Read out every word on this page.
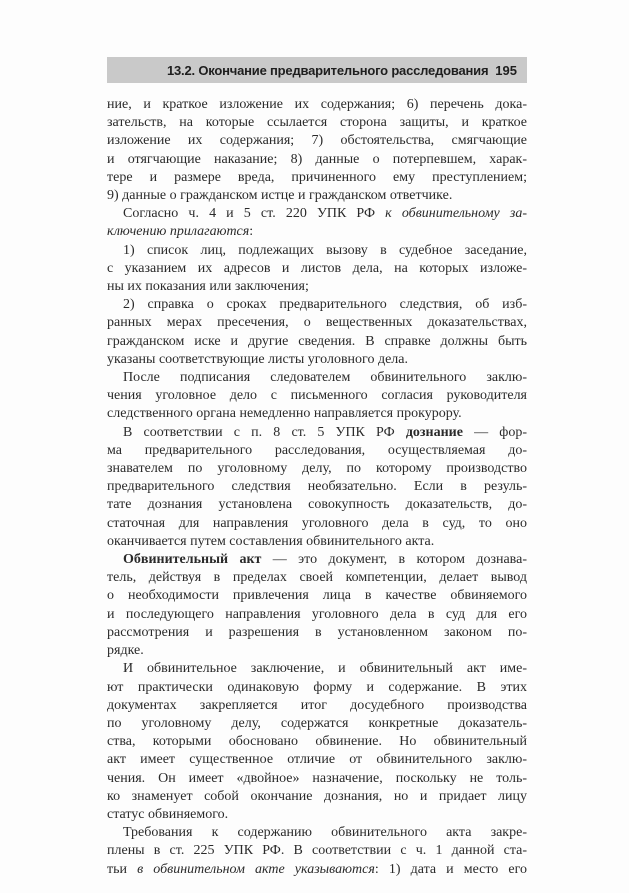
13.2. Окончание предварительного расследования 195

ние, и краткое изложение их содержания; 6) перечень дока-

зательств, на которые ссылается сторона защиты, и краткое

изложение их содержания; 7) обстоятельства, смягчающие

и отягчающие наказание; 8) данные о потерпевшем, харак-

тере и размере вреда, причиненного ему преступлением;

9) данные о гражданском истце и гражданском ответчике.

Согласно ч. 4 и 5 ст. 220 УПК РФ к обвинительному за-

ключению прилагаются:

1) список лиц, подлежащих вызову в судебное заседание,

с указанием их адресов и листов дела, на которых изложе-

ны их показания или заключения;

2) справка о сроках предварительного следствия, об изб-

ранных мерах пресечения, о вещественных доказательствах,

гражданском иске и другие сведения. В справке должны быть

указаны соответствующие листы уголовного дела.

После подписания следователем обвинительного заклю-

чения уголовное дело с письменного согласия руководителя

следственного органа немедленно направляется прокурору.

В соответствии с п. 8 ст. 5 УПК РФ дознание — фор-

ма предварительного расследования, осуществляемая до-

знавателем по уголовному делу, по которому производство

предварительного следствия необязательно. Если в резуль-

тате дознания установлена совокупность доказательств, до-

статочная для направления уголовного дела в суд, то оно

оканчивается путем составления обвинительного акта.

Обвинительный акт — это документ, в котором дознава-

тель, действуя в пределах своей компетенции, делает вывод

о необходимости привлечения лица в качестве обвиняемого

и последующего направления уголовного дела в суд для его

рассмотрения и разрешения в установленном законом по-

рядке.

И обвинительное заключение, и обвинительный акт име-

ют практически одинаковую форму и содержание. В этих

документах закрепляется итог досудебного производства

по уголовному делу, содержатся конкретные доказатель-

ства, которыми обосновано обвинение. Но обвинительный

акт имеет существенное отличие от обвинительного заклю-

чения. Он имеет «двойное» назначение, поскольку не толь-

ко знаменует собой окончание дознания, но и придает лицу

статус обвиняемого.

Требования к содержанию обвинительного акта закре-

плены в ст. 225 УПК РФ. В соответствии с ч. 1 данной ста-

тьи в обвинительном акте указываются: 1) дата и место его
